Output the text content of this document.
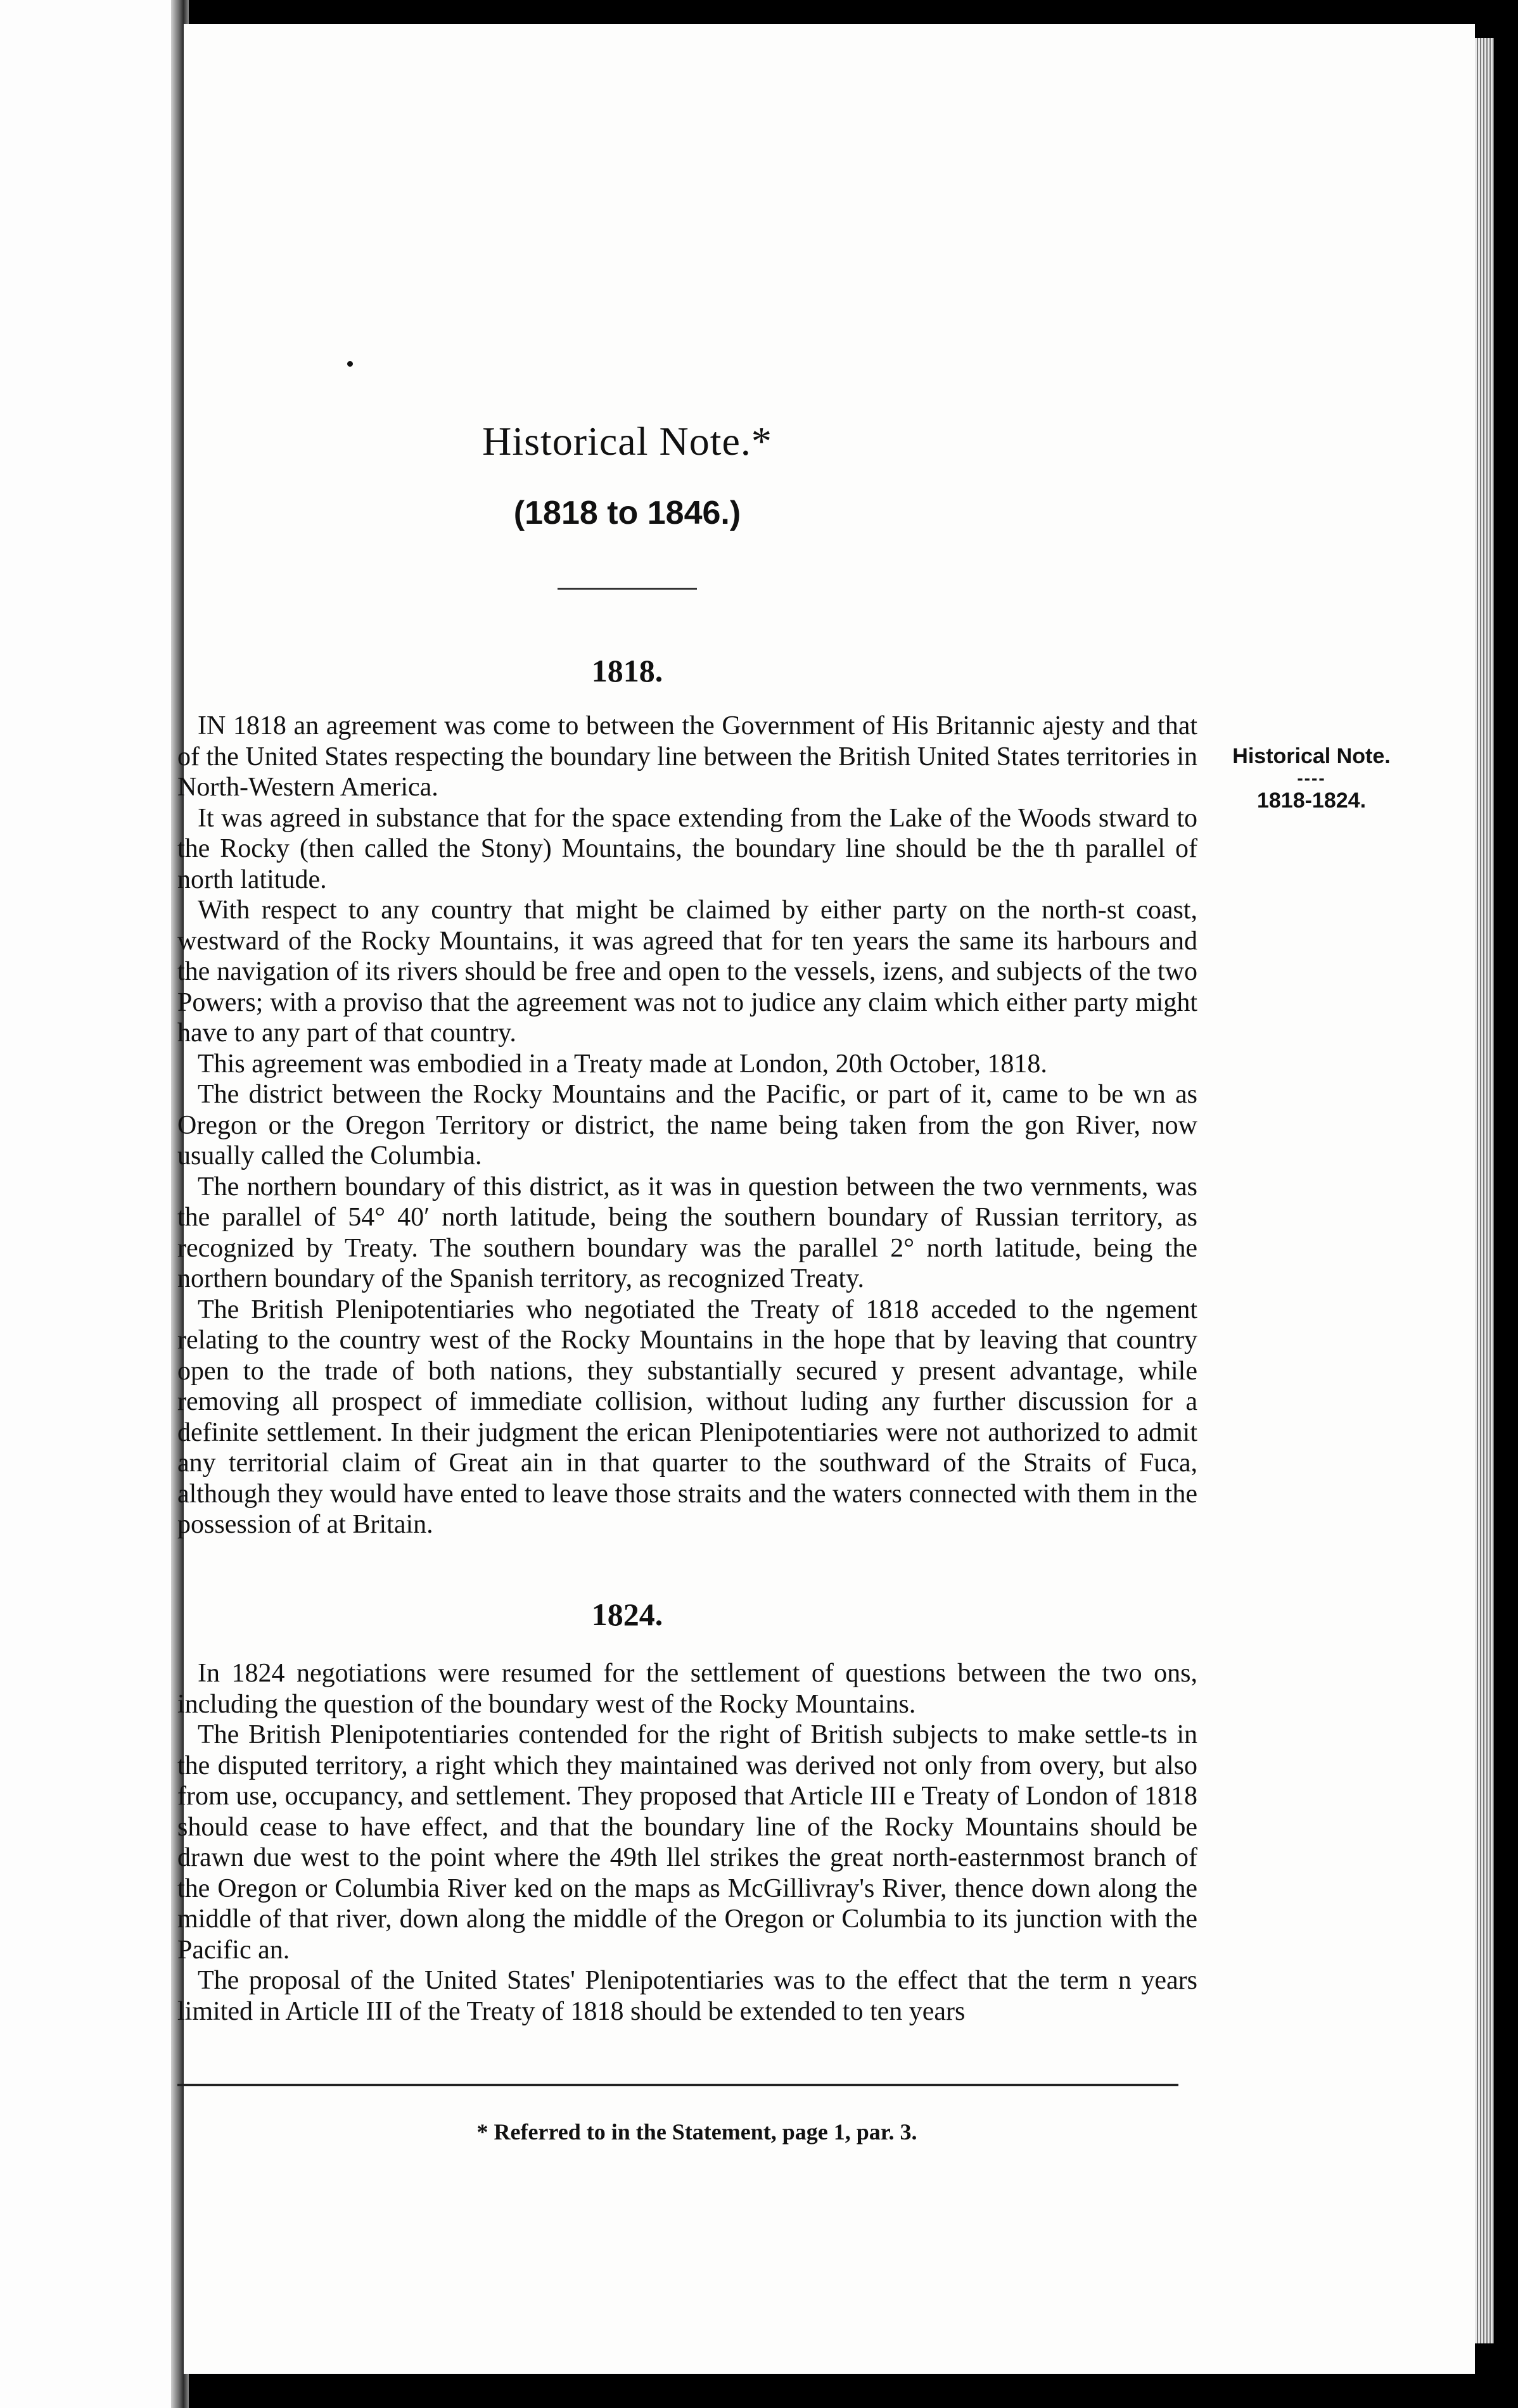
Historical Note.*
(1818 to 1846.)
1818.

IN 1818 an agreement was come to between the Government of His Britannic ajesty and that of the United States respecting the boundary line between the British United States territories in North-Western America.

It was agreed in substance that for the space extending from the Lake of the Woods stward to the Rocky (then called the Stony) Mountains, the boundary line should be the th parallel of north latitude.

With respect to any country that might be claimed by either party on the north-st coast, westward of the Rocky Mountains, it was agreed that for ten years the same its harbours and the navigation of its rivers should be free and open to the vessels, izens, and subjects of the two Powers; with a proviso that the agreement was not to judice any claim which either party might have to any part of that country.

This agreement was embodied in a Treaty made at London, 20th October, 1818.

The district between the Rocky Mountains and the Pacific, or part of it, came to be wn as Oregon or the Oregon Territory or district, the name being taken from the gon River, now usually called the Columbia.

The northern boundary of this district, as it was in question between the two vernments, was the parallel of 54° 40′ north latitude, being the southern boundary of Russian territory, as recognized by Treaty. The southern boundary was the parallel 2° north latitude, being the northern boundary of the Spanish territory, as recognized Treaty.

The British Plenipotentiaries who negotiated the Treaty of 1818 acceded to the ngement relating to the country west of the Rocky Mountains in the hope that by leaving that country open to the trade of both nations, they substantially secured y present advantage, while removing all prospect of immediate collision, without luding any further discussion for a definite settlement. In their judgment the erican Plenipotentiaries were not authorized to admit any territorial claim of Great ain in that quarter to the southward of the Straits of Fuca, although they would have ented to leave those straits and the waters connected with them in the possession of at Britain.

Historical Note.
----
1818-1824.
1824.

In 1824 negotiations were resumed for the settlement of questions between the two ons, including the question of the boundary west of the Rocky Mountains.

The British Plenipotentiaries contended for the right of British subjects to make settle-ts in the disputed territory, a right which they maintained was derived not only from overy, but also from use, occupancy, and settlement. They proposed that Article III e Treaty of London of 1818 should cease to have effect, and that the boundary line of the Rocky Mountains should be drawn due west to the point where the 49th llel strikes the great north-easternmost branch of the Oregon or Columbia River ked on the maps as McGillivray's River, thence down along the middle of that river, down along the middle of the Oregon or Columbia to its junction with the Pacific an.

The proposal of the United States' Plenipotentiaries was to the effect that the term n years limited in Article III of the Treaty of 1818 should be extended to ten years

* Referred to in the Statement, page 1, par. 3.
